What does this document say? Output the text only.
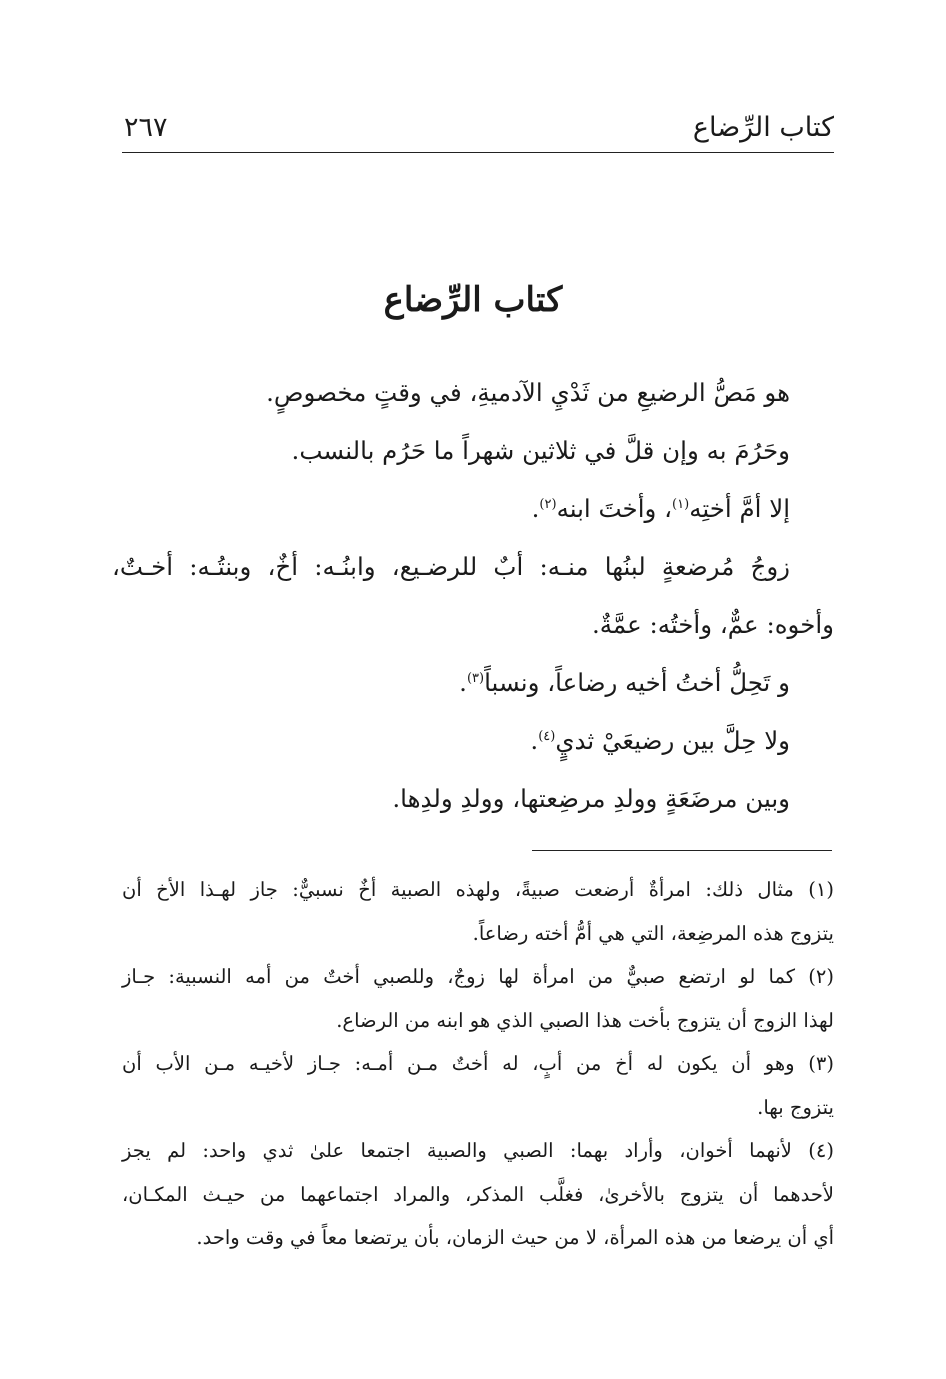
كتاب الرِّضاع
٢٦٧
كتاب الرِّضاع
هو مَصُّ الرضيعِ من ثَدْيِ الآدميةِ، في وقتٍ مخصوصٍ.
وحَرُمَ به وإن قلَّ في ثلاثين شهراً ما حَرُم بالنسب.
إلا أمَّ أختِه$^{(١)}$، وأختَ ابنه$^{(٢)}$.
زوجُ مُرضعةٍ لبنُها منـه: أبٌ للرضـيع، وابنُـه: أخٌ، وبنتُـه: أخـتٌ،
وأخوه: عمٌّ، وأختُه: عمَّةٌ.
و تَحِلُّ أختُ أخيه رضاعاً، ونسباً$^{(٣)}$.
ولا حِلَّ بين رضيعَيْ ثديٍ$^{(٤)}$.
وبين مرضَعَةٍ وولدِ مرضِعتها، وولدِ ولدِها.
(١) مثال ذلك: امرأةٌ أرضعت صبيةً، ولهذه الصبية أخٌ نسبيٌّ: جاز لهـذا الأخ أن
يتزوج هذه المرضِعة، التي هي أمُّ أخته رضاعاً.
(٢) كما لو ارتضع صبيٌّ من امرأة لها زوجٌ، وللصبي أختٌ من أمه النسبية: جـاز
لهذا الزوج أن يتزوج بأخت هذا الصبي الذي هو ابنه من الرضاع.
(٣) وهو أن يكون له أخ من أبٍ، له أختٌ مـن أمـه: جـاز لأخيـه مـن الأب أن
يتزوج بها.
(٤) لأنهما أخوان، وأراد بهما: الصبي والصبية اجتمعا علىٰ ثدي واحد: لم يجز
لأحدهما أن يتزوج بالأخرىٰ، فغلَّب المذكر، والمراد اجتماعهما من حيـث المكـان،
أي أن يرضعا من هذه المرأة، لا من حيث الزمان، بأن يرتضعا معاً في وقت واحد.
